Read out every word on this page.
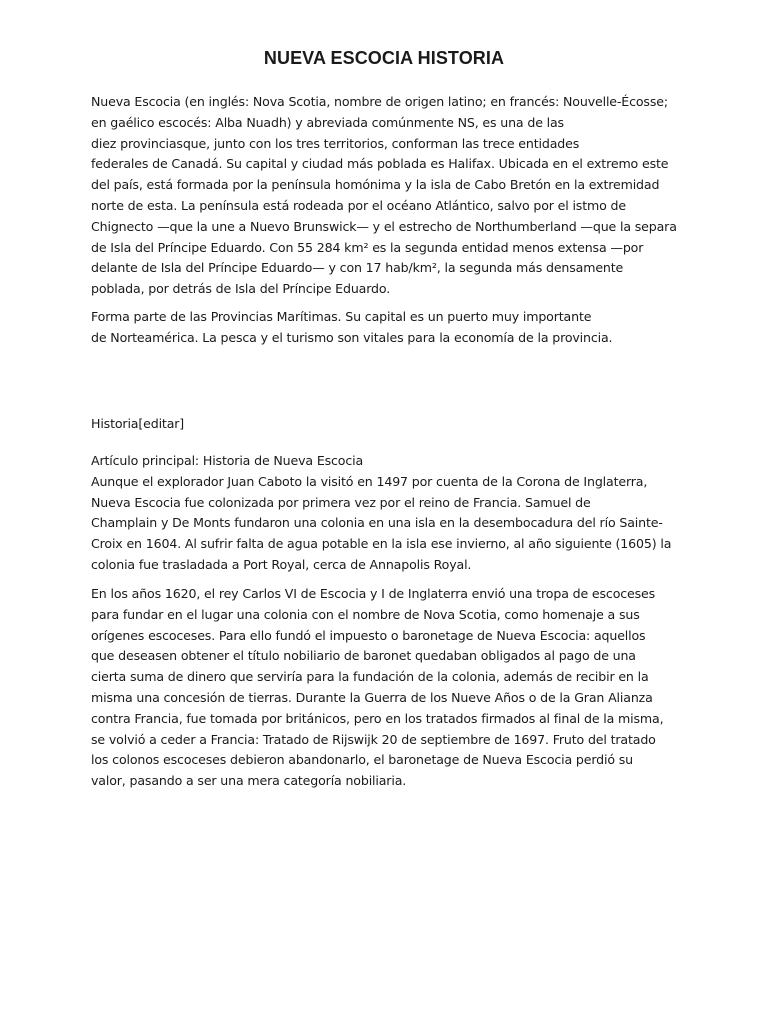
NUEVA ESCOCIA HISTORIA
Nueva Escocia (en inglés: Nova Scotia, nombre de origen latino; en francés: Nouvelle-Écosse;
en gaélico escocés: Alba Nuadh) y abreviada comúnmente NS, es una de las
diez provinciasque, junto con los tres territorios, conforman las trece entidades
federales de Canadá. Su capital y ciudad más poblada es Halifax. Ubicada en el extremo este
del país, está formada por la península homónima y la isla de Cabo Bretón en la extremidad
norte de esta. La península está rodeada por el océano Atlántico, salvo por el istmo de
Chignecto —que la une a Nuevo Brunswick— y el estrecho de Northumberland —que la separa
de Isla del Príncipe Eduardo. Con 55 284 km² es la segunda entidad menos extensa —por
delante de Isla del Príncipe Eduardo— y con 17 hab/km², la segunda más densamente
poblada, por detrás de Isla del Príncipe Eduardo.
Forma parte de las Provincias Marítimas. Su capital es un puerto muy importante
de Norteamérica. La pesca y el turismo son vitales para la economía de la provincia.
Historia[editar]
Artículo principal: Historia de Nueva Escocia
Aunque el explorador Juan Caboto la visitó en 1497 por cuenta de la Corona de Inglaterra,
Nueva Escocia fue colonizada por primera vez por el reino de Francia. Samuel de
Champlain y De Monts fundaron una colonia en una isla en la desembocadura del río Sainte-
Croix en 1604. Al sufrir falta de agua potable en la isla ese invierno, al año siguiente (1605) la
colonia fue trasladada a Port Royal, cerca de Annapolis Royal.
En los años 1620, el rey Carlos VI de Escocia y I de Inglaterra envió una tropa de escoceses
para fundar en el lugar una colonia con el nombre de Nova Scotia, como homenaje a sus
orígenes escoceses. Para ello fundó el impuesto o baronetage de Nueva Escocia: aquellos
que deseasen obtener el título nobiliario de baronet quedaban obligados al pago de una
cierta suma de dinero que serviría para la fundación de la colonia, además de recibir en la
misma una concesión de tierras. Durante la Guerra de los Nueve Años o de la Gran Alianza
contra Francia, fue tomada por británicos, pero en los tratados firmados al final de la misma,
se volvió a ceder a Francia: Tratado de Rijswijk 20 de septiembre de 1697. Fruto del tratado
los colonos escoceses debieron abandonarlo, el baronetage de Nueva Escocia perdió su
valor, pasando a ser una mera categoría nobiliaria.
